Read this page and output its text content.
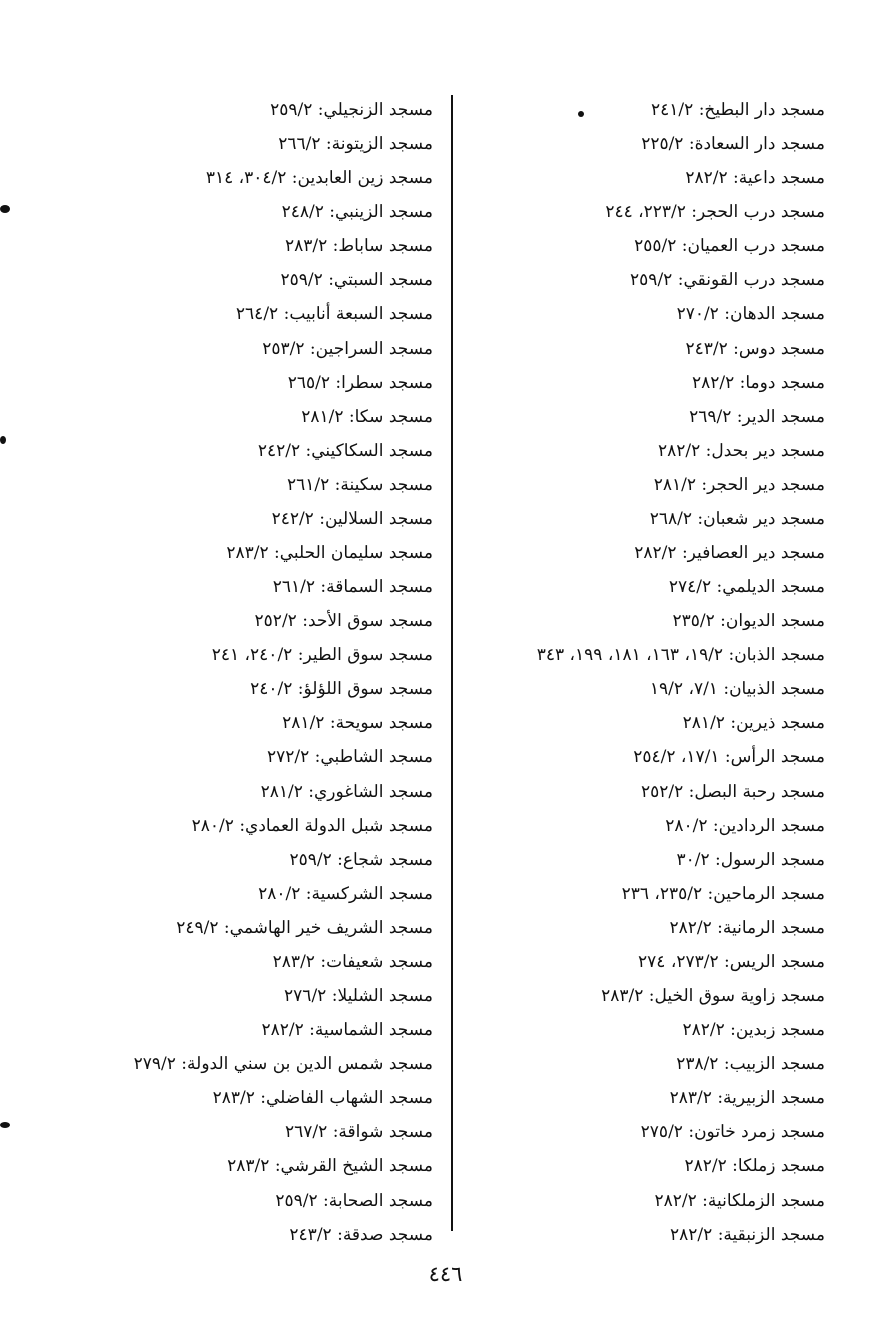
مسجد دار البطيخ: ٢٤١/٢
مسجد دار السعادة: ٢٢٥/٢
مسجد داعية: ٢٨٢/٢
مسجد درب الحجر: ٢٢٣/٢، ٢٤٤
مسجد درب العميان: ٢٥٥/٢
مسجد درب القونقي: ٢٥٩/٢
مسجد الدهان: ٢٧٠/٢
مسجد دوس: ٢٤٣/٢
مسجد دوما: ٢٨٢/٢
مسجد الدير: ٢٦٩/٢
مسجد دير بحدل: ٢٨٢/٢
مسجد دير الحجر: ٢٨١/٢
مسجد دير شعبان: ٢٦٨/٢
مسجد دير العصافير: ٢٨٢/٢
مسجد الديلمي: ٢٧٤/٢
مسجد الديوان: ٢٣٥/٢
مسجد الذبان: ١٩/٢، ١٦٣، ١٨١، ١٩٩، ٣٤٣
مسجد الذبيان: ٧/١، ١٩/٢
مسجد ذيرين: ٢٨١/٢
مسجد الرأس: ١٧/١، ٢٥٤/٢
مسجد رحبة البصل: ٢٥٢/٢
مسجد الردادين: ٢٨٠/٢
مسجد الرسول: ٣٠/٢
مسجد الرماحين: ٢٣٥/٢، ٢٣٦
مسجد الرمانية: ٢٨٢/٢
مسجد الريس: ٢٧٣/٢، ٢٧٤
مسجد زاوية سوق الخيل: ٢٨٣/٢
مسجد زبدين: ٢٨٢/٢
مسجد الزبيب: ٢٣٨/٢
مسجد الزبيرية: ٢٨٣/٢
مسجد زمرد خاتون: ٢٧٥/٢
مسجد زملكا: ٢٨٢/٢
مسجد الزملكانية: ٢٨٢/٢
مسجد الزنبقية: ٢٨٢/٢
مسجد الزنجيلي: ٢٥٩/٢
مسجد الزيتونة: ٢٦٦/٢
مسجد زين العابدين: ٣٠٤/٢، ٣١٤
مسجد الزينبي: ٢٤٨/٢
مسجد ساباط: ٢٨٣/٢
مسجد السبتي: ٢٥٩/٢
مسجد السبعة أنابيب: ٢٦٤/٢
مسجد السراجين: ٢٥٣/٢
مسجد سطرا: ٢٦٥/٢
مسجد سكا: ٢٨١/٢
مسجد السكاكيني: ٢٤٢/٢
مسجد سكينة: ٢٦١/٢
مسجد السلالين: ٢٤٢/٢
مسجد سليمان الحلبي: ٢٨٣/٢
مسجد السماقة: ٢٦١/٢
مسجد سوق الأحد: ٢٥٢/٢
مسجد سوق الطير: ٢٤٠/٢، ٢٤١
مسجد سوق اللؤلؤ: ٢٤٠/٢
مسجد سويحة: ٢٨١/٢
مسجد الشاطبي: ٢٧٢/٢
مسجد الشاغوري: ٢٨١/٢
مسجد شبل الدولة العمادي: ٢٨٠/٢
مسجد شجاع: ٢٥٩/٢
مسجد الشركسية: ٢٨٠/٢
مسجد الشريف خير الهاشمي: ٢٤٩/٢
مسجد شعيفات: ٢٨٣/٢
مسجد الشليلا: ٢٧٦/٢
مسجد الشماسية: ٢٨٢/٢
مسجد شمس الدين بن سني الدولة: ٢٧٩/٢
مسجد الشهاب الفاضلي: ٢٨٣/٢
مسجد شواقة: ٢٦٧/٢
مسجد الشيخ القرشي: ٢٨٣/٢
مسجد الصحابة: ٢٥٩/٢
مسجد صدقة: ٢٤٣/٢
٤٤٦
